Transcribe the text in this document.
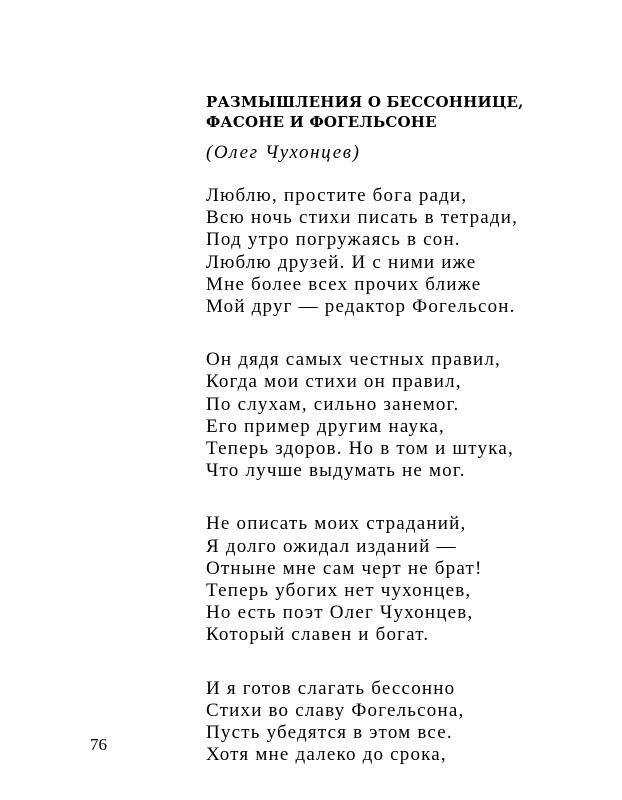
РАЗМЫШЛЕНИЯ О БЕССОННИЦЕ,
ФАСОНЕ И ФОГЕЛЬСОНЕ
(Олег Чухонцев)
Люблю, простите бога ради,
Всю ночь стихи писать в тетради,
Под утро погружаясь в сон.
Люблю друзей. И с ними иже
Мне более всех прочих ближе
Мой друг — редактор Фогельсон.
Он дядя самых честных правил,
Когда мои стихи он правил,
По слухам, сильно занемог.
Его пример другим наука,
Теперь здоров. Но в том и штука,
Что лучше выдумать не мог.
Не описать моих страданий,
Я долго ожидал изданий —
Отныне мне сам черт не брат!
Теперь убогих нет чухонцев,
Но есть поэт Олег Чухонцев,
Который славен и богат.
И я готов слагать бессонно
Стихи во славу Фогельсона,
Пусть убедятся в этом все.
Хотя мне далеко до срока,
76
